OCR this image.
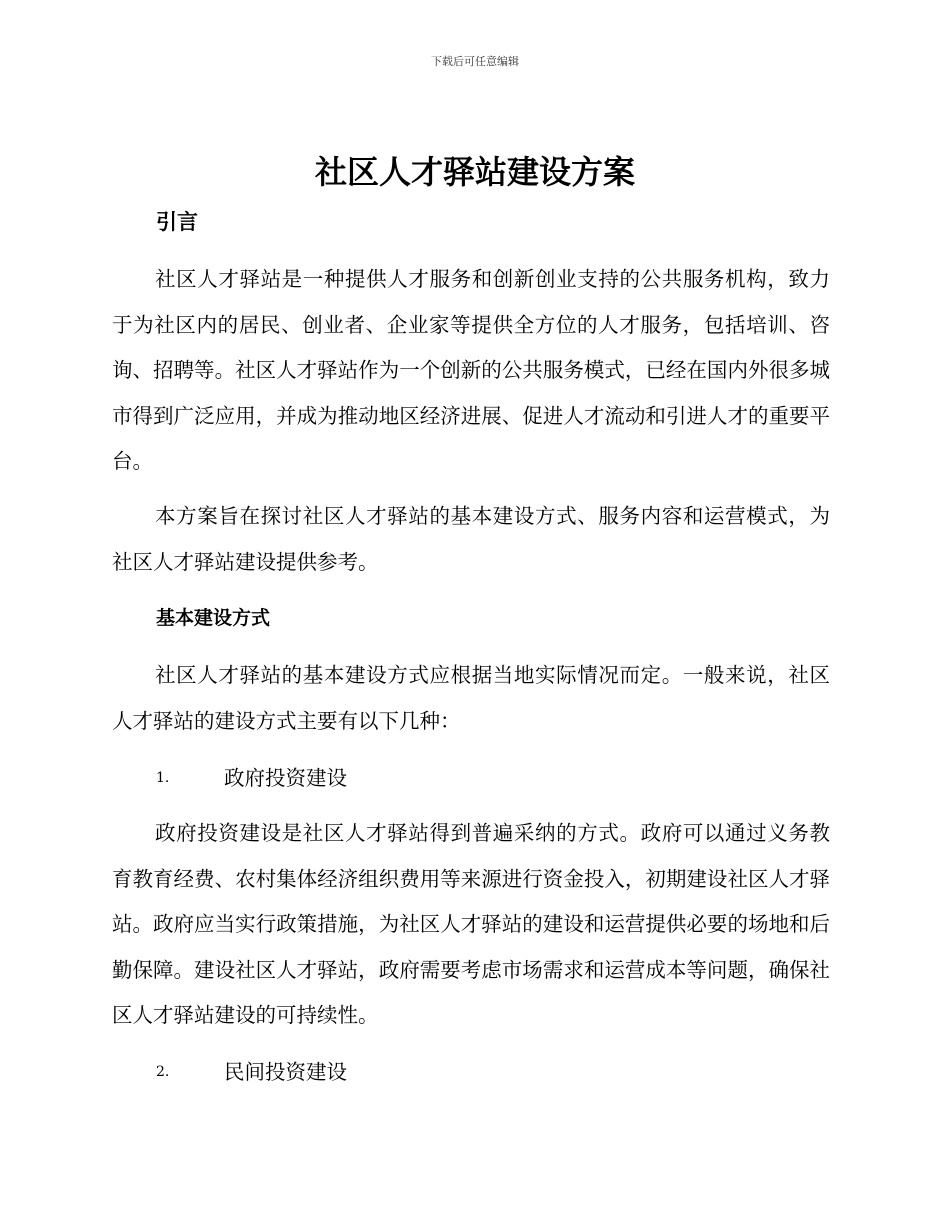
下载后可任意编辑
社区人才驿站建设方案
引言

社区人才驿站是一种提供人才服务和创新创业支持的公共服务机构，致力于为社区内的居民、创业者、企业家等提供全方位的人才服务，包括培训、咨询、招聘等。社区人才驿站作为一个创新的公共服务模式，已经在国内外很多城市得到广泛应用，并成为推动地区经济进展、促进人才流动和引进人才的重要平台。

本方案旨在探讨社区人才驿站的基本建设方式、服务内容和运营模式，为社区人才驿站建设提供参考。

基本建设方式

社区人才驿站的基本建设方式应根据当地实际情况而定。一般来说，社区人才驿站的建设方式主要有以下几种：

1.	政府投资建设

政府投资建设是社区人才驿站得到普遍采纳的方式。政府可以通过义务教育教育经费、农村集体经济组织费用等来源进行资金投入，初期建设社区人才驿站。政府应当实行政策措施，为社区人才驿站的建设和运营提供必要的场地和后勤保障。建设社区人才驿站，政府需要考虑市场需求和运营成本等问题，确保社区人才驿站建设的可持续性。

2.	民间投资建设
